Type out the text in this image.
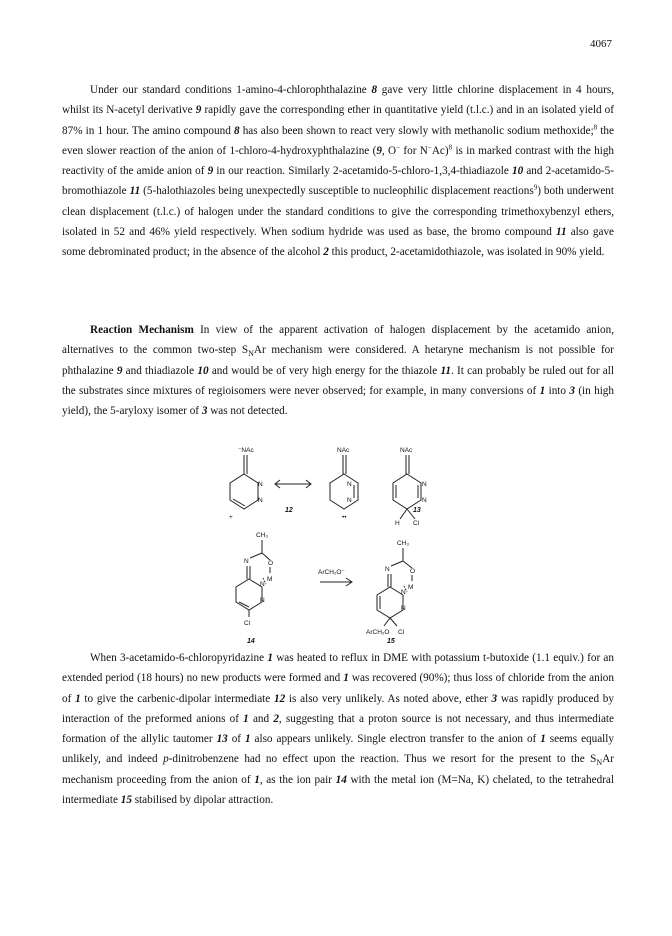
4067

Under our standard conditions 1-amino-4-chlorophthalazine 8 gave very little chlorine displacement in 4 hours, whilst its N-acetyl derivative 9 rapidly gave the corresponding ether in quantitative yield (t.l.c.) and in an isolated yield of 87% in 1 hour. The amino compound 8 has also been shown to react very slowly with methanolic sodium methoxide;$^8$ the even slower reaction of the anion of 1-chloro-4-hydroxyphthalazine (9, O− for N−Ac)$^8$ is in marked contrast with the high reactivity of the amide anion of 9 in our reaction. Similarly 2-acetamido-5-chloro-1,3,4-thiadiazole 10 and 2-acetamido-5-bromothiazole 11 (5-halothiazoles being unexpectedly susceptible to nucleophilic displacement reactions$^9$) both underwent clean displacement (t.l.c.) of halogen under the standard conditions to give the corresponding trimethoxybenzyl ethers, isolated in 52 and 46% yield respectively. When sodium hydride was used as base, the bromo compound 11 also gave some debrominated product; in the absence of the alcohol 2 this product, 2-acetamidothiazole, was isolated in 90% yield.

Reaction Mechanism In view of the apparent activation of halogen displacement by the acetamido anion, alternatives to the common two-step $S_NAr$ mechanism were considered. A hetaryne mechanism is not possible for phthalazine 9 and thiadiazole 10 and would be of very high energy for the thiazole 11. It can probably be ruled out for all the substrates since mixtures of regioisomers were never observed; for example, in many conversions of 1 into 3 (in high yield), the 5-aryloxy isomer of 3 was not detected.

⁻NAc	NAc	NAc
N
N
N
N
N
N
+	••
H Cl
CH₃
N	O
M
N
N
Cl
ArCH₂O⁻
CH₃
N	O
M
N
N
ArCH₂O Cl
12	13
14	15

When 3-acetamido-6-chloropyridazine 1 was heated to reflux in DME with potassium t-butoxide (1.1 equiv.) for an extended period (18 hours) no new products were formed and 1 was recovered (90%); thus loss of chloride from the anion of 1 to give the carbenic-dipolar intermediate 12 is also very unlikely. As noted above, ether 3 was rapidly produced by interaction of the preformed anions of 1 and 2, suggesting that a proton source is not necessary, and thus intermediate formation of the allylic tautomer 13 of 1 also appears unlikely. Single electron transfer to the anion of 1 seems equally unlikely, and indeed p-dinitrobenzene had no effect upon the reaction. Thus we resort for the present to the $S_NAr$ mechanism proceeding from the anion of 1, as the ion pair 14 with the metal ion (M=Na, K) chelated, to the tetrahedral intermediate 15 stabilised by dipolar attraction.
